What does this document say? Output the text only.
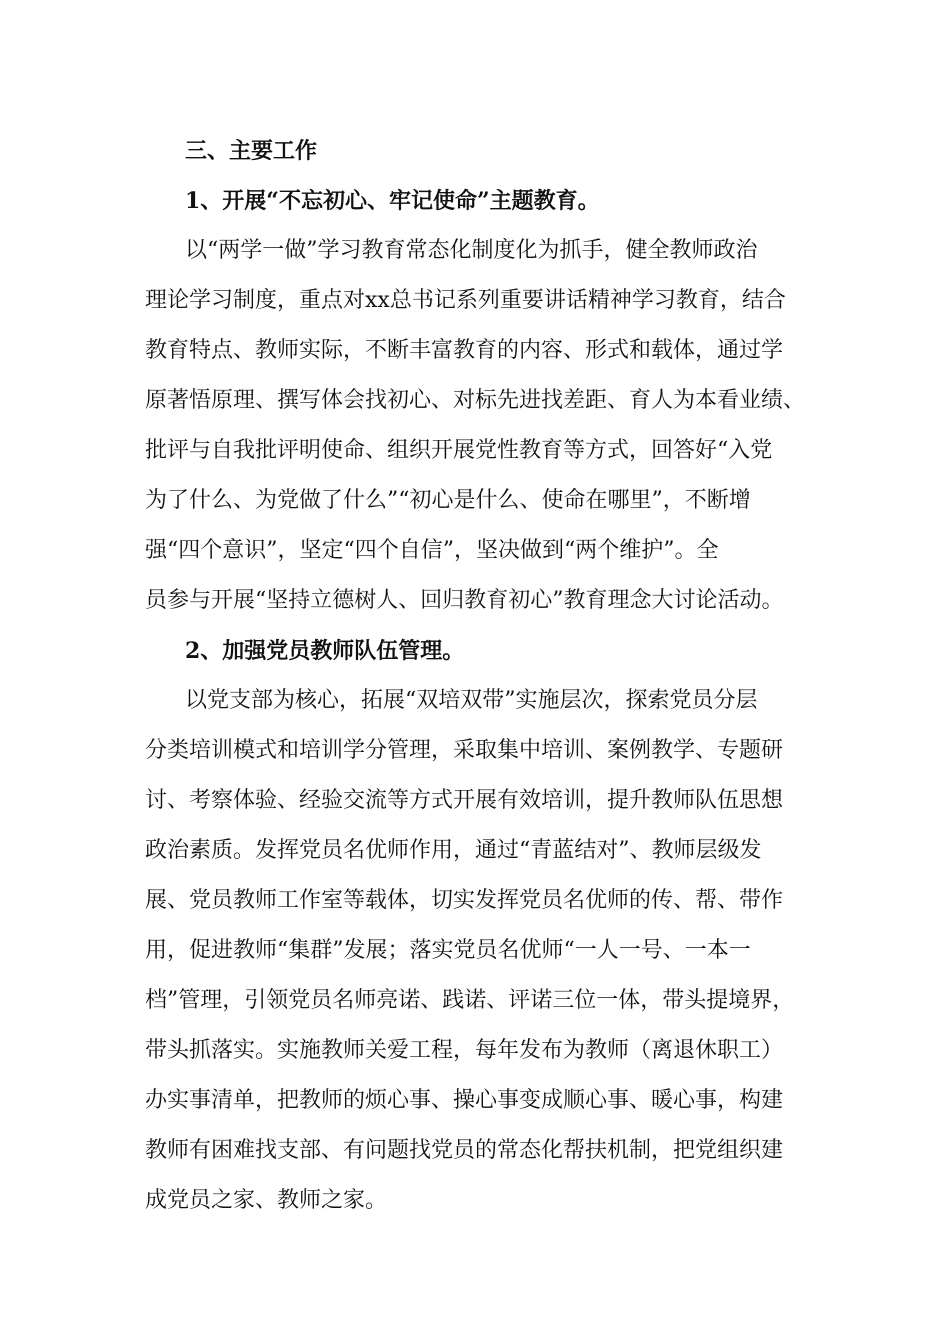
三、主要工作
1、开展“不忘初心、牢记使命”主题教育。
以“两学一做”学习教育常态化制度化为抓手，健全教师政治
理论学习制度，重点对xx总书记系列重要讲话精神学习教育，结合
教育特点、教师实际，不断丰富教育的内容、形式和载体，通过学
原著悟原理、撰写体会找初心、对标先进找差距、育人为本看业绩、
批评与自我批评明使命、组织开展党性教育等方式，回答好“入党
为了什么、为党做了什么”“初心是什么、使命在哪里”，不断增
强“四个意识”，坚定“四个自信”，坚决做到“两个维护”。全
员参与开展“坚持立德树人、回归教育初心”教育理念大讨论活动。
2、加强党员教师队伍管理。
以党支部为核心，拓展“双培双带”实施层次，探索党员分层
分类培训模式和培训学分管理，采取集中培训、案例教学、专题研
讨、考察体验、经验交流等方式开展有效培训，提升教师队伍思想
政治素质。发挥党员名优师作用，通过“青蓝结对”、教师层级发
展、党员教师工作室等载体，切实发挥党员名优师的传、帮、带作
用，促进教师“集群”发展；落实党员名优师“一人一号、一本一
档”管理，引领党员名师亮诺、践诺、评诺三位一体，带头提境界，
带头抓落实。实施教师关爱工程，每年发布为教师（离退休职工）
办实事清单，把教师的烦心事、操心事变成顺心事、暖心事，构建
教师有困难找支部、有问题找党员的常态化帮扶机制，把党组织建
成党员之家、教师之家。
